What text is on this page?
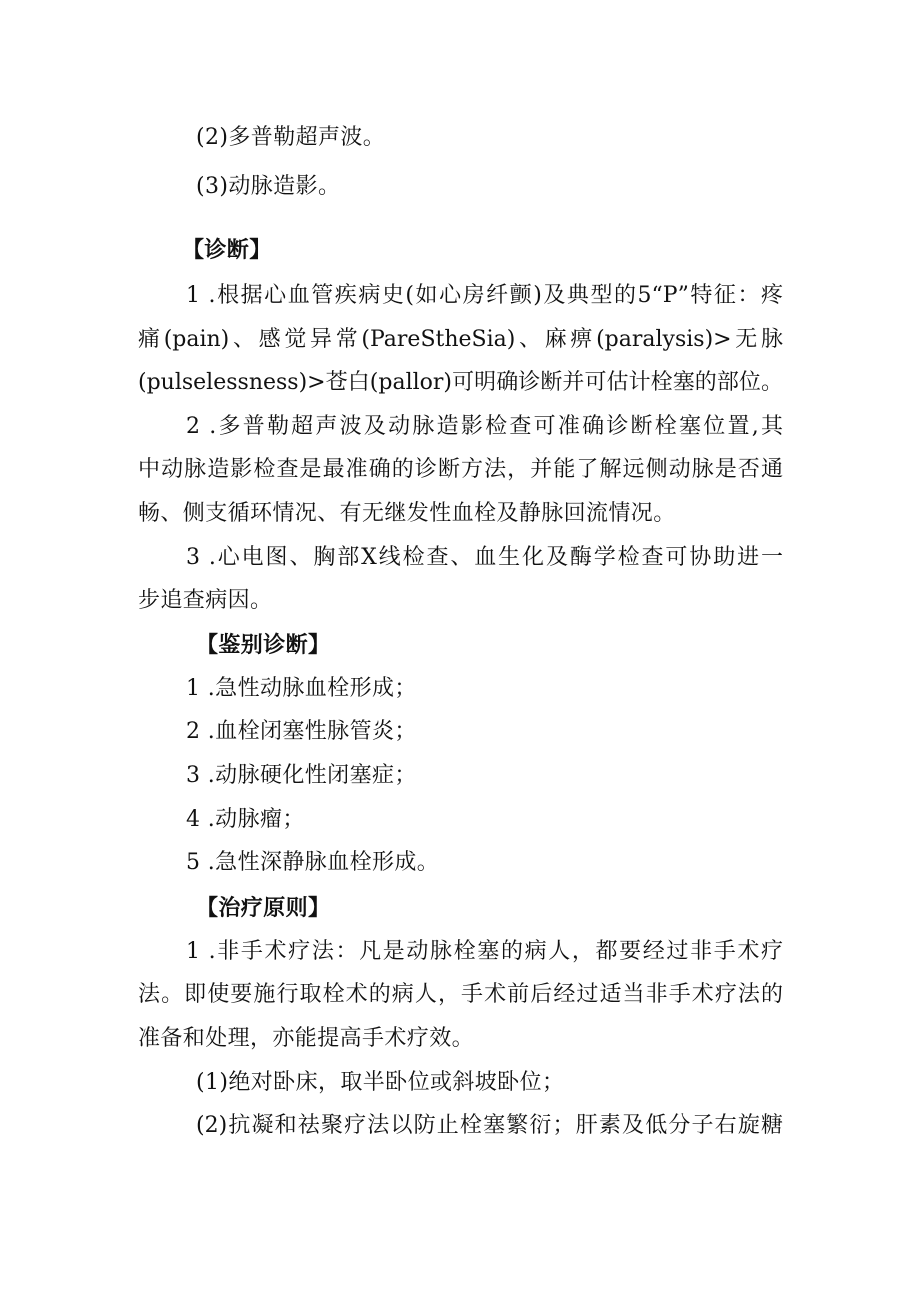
(2)多普勒超声波。

(3)动脉造影。

【诊断】

1 .根据心血管疾病史(如心房纤颤)及典型的5“P”特征：疼

痛(pain)、感觉异常(PareStheSia)、麻痹(paralysis)>无脉

(pulselessness)>苍白(pallor)可明确诊断并可估计栓塞的部位。

2 .多普勒超声波及动脉造影检查可准确诊断栓塞位置,其

中动脉造影检查是最准确的诊断方法，并能了解远侧动脉是否通

畅、侧支循环情况、有无继发性血栓及静脉回流情况。

3 .心电图、胸部X线检查、血生化及酶学检查可协助进一

步追查病因。

【鉴别诊断】

1 .急性动脉血栓形成；

2 .血栓闭塞性脉管炎；

3 .动脉硬化性闭塞症；

4 .动脉瘤；

5 .急性深静脉血栓形成。

【治疗原则】

1 .非手术疗法：凡是动脉栓塞的病人，都要经过非手术疗

法。即使要施行取栓术的病人，手术前后经过适当非手术疗法的

准备和处理，亦能提高手术疗效。

(1)绝对卧床，取半卧位或斜坡卧位；

(2)抗凝和祛聚疗法以防止栓塞繁衍；肝素及低分子右旋糖
